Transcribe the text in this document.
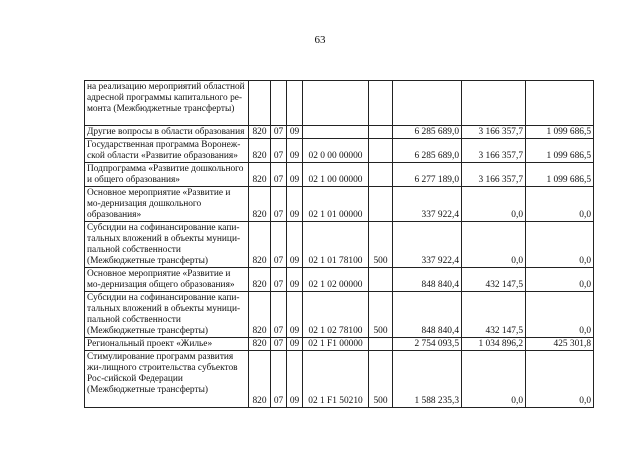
63
на реализацию мероприятий областной адресной программы капитального ре-монта (Межбюджетные трансферты)								
Другие вопросы в области образования	820	07	09			6 285 689,0	3 166 357,7	1 099 686,5
Государственная программа Воронеж-ской области «Развитие образования»	820	07	09	02 0 00 00000		6 285 689,0	3 166 357,7	1 099 686,5
Подпрограмма «Развитие дошкольного и общего образования»	820	07	09	02 1 00 00000		6 277 189,0	3 166 357,7	1 099 686,5
Основное мероприятие «Развитие и мо-дернизация дошкольного образования»	820	07	09	02 1 01 00000		337 922,4	0,0	0,0
Субсидии на софинансирование капи-тальных вложений в объекты муници-пальной собственности (Межбюджетные трансферты)	820	07	09	02 1 01 78100	500	337 922,4	0,0	0,0
Основное мероприятие «Развитие и мо-дернизация общего образования»	820	07	09	02 1 02 00000		848 840,4	432 147,5	0,0
Субсидии на софинансирование капи-тальных вложений в объекты муници-пальной собственности (Межбюджетные трансферты)	820	07	09	02 1 02 78100	500	848 840,4	432 147,5	0,0
Региональный проект «Жилье»	820	07	09	02 1 F1 00000		2 754 093,5	1 034 896,2	425 301,8
Стимулирование программ развития жи-лищного строительства субъектов Рос-сийской Федерации (Межбюджетные трансферты)	820	07	09	02 1 F1 50210	500	1 588 235,3	0,0	0,0
